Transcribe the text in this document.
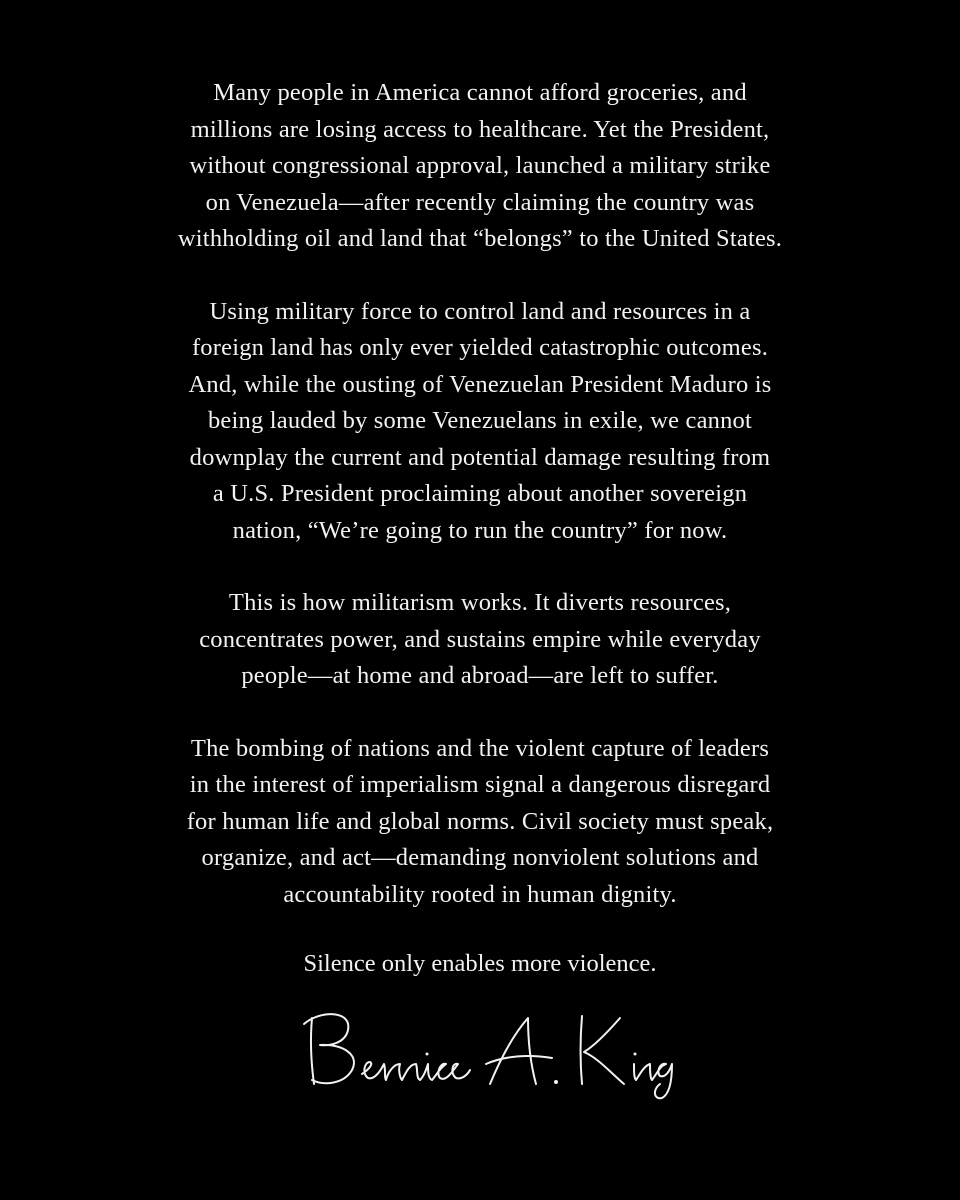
Many people in America cannot afford groceries, and
millions are losing access to healthcare. Yet the President,
without congressional approval, launched a military strike
on Venezuela—after recently claiming the country was
withholding oil and land that “belongs” to the United States.

Using military force to control land and resources in a
foreign land has only ever yielded catastrophic outcomes.
And, while the ousting of Venezuelan President Maduro is
being lauded by some Venezuelans in exile, we cannot
downplay the current and potential damage resulting from
a U.S. President proclaiming about another sovereign
nation, “We’re going to run the country” for now.

This is how militarism works. It diverts resources,
concentrates power, and sustains empire while everyday
people—at home and abroad—are left to suffer.

The bombing of nations and the violent capture of leaders
in the interest of imperialism signal a dangerous disregard
for human life and global norms. Civil society must speak,
organize, and act—demanding nonviolent solutions and
accountability rooted in human dignity.

Silence only enables more violence.
